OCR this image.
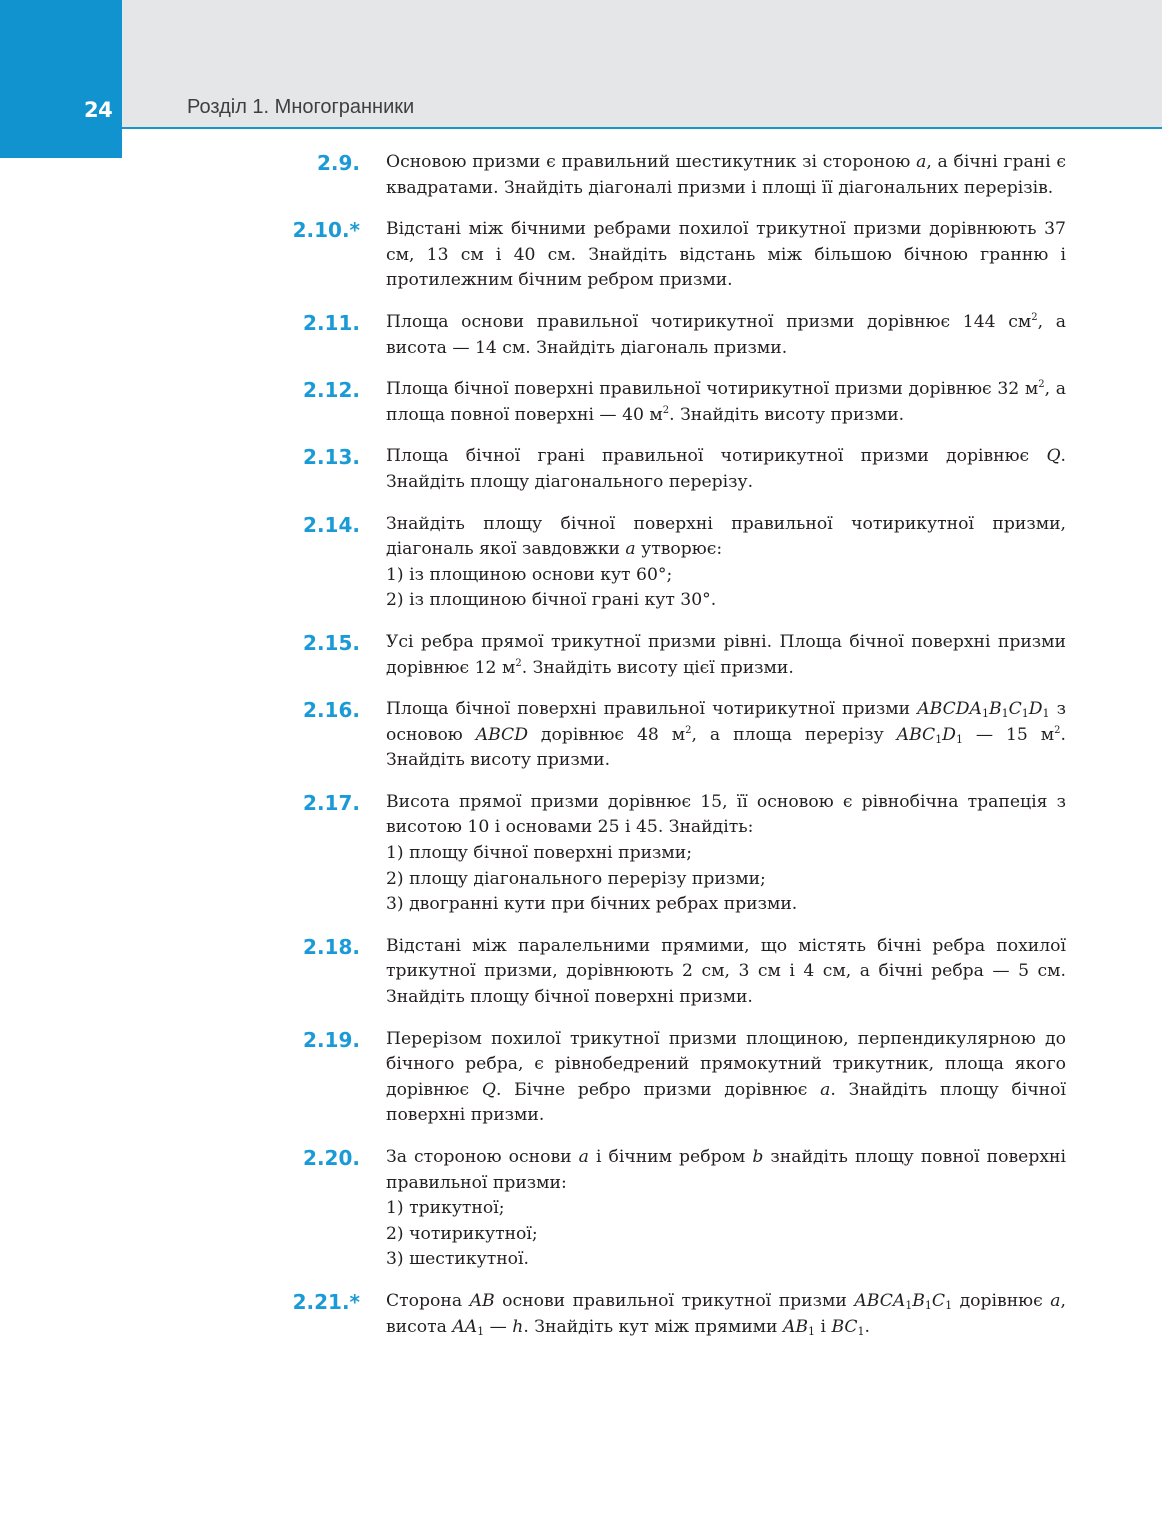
24	Розділ 1. Многогранники
2.9. Основою призми є правильний шестикутник зі стороною a, а бічні грані є квадратами. Знайдіть діагоналі призми і площі її діагональних перерізів.
2.10.* Відстані між бічними ребрами похилої трикутної призми дорівнюють 37 см, 13 см і 40 см. Знайдіть відстань між більшою бічною гранню і протилежним бічним ребром призми.
2.11. Площа основи правильної чотирикутної призми дорівнює 144 $см^2$, а висота — 14 см. Знайдіть діагональ призми.
2.12. Площа бічної поверхні правильної чотирикутної призми дорівнює 32 $м^2$, а площа повної поверхні — 40 $м^2$. Знайдіть висоту призми.
2.13. Площа бічної грані правильної чотирикутної призми дорівнює Q. Знайдіть площу діагонального перерізу.
2.14. Знайдіть площу бічної поверхні правильної чотирикутної призми, діагональ якої завдовжки a утворює:
1) із площиною основи кут 60°;
2) із площиною бічної грані кут 30°.
2.15. Усі ребра прямої трикутної призми рівні. Площа бічної поверхні призми дорівнює 12 $м^2$. Знайдіть висоту цієї призми.
2.16. Площа бічної поверхні правильної чотирикутної призми $ABCDA_1B_1C_1D_1$ з основою ABCD дорівнює 48 $м^2$, а площа перерізу $ABC_1D_1$ — 15 $м^2$. Знайдіть висоту призми.
2.17. Висота прямої призми дорівнює 15, її основою є рівнобічна трапеція з висотою 10 і основами 25 і 45. Знайдіть:
1) площу бічної поверхні призми;
2) площу діагонального перерізу призми;
3) двогранні кути при бічних ребрах призми.
2.18. Відстані між паралельними прямими, що містять бічні ребра похилої трикутної призми, дорівнюють 2 см, 3 см і 4 см, а бічні ребра — 5 см. Знайдіть площу бічної поверхні призми.
2.19. Перерізом похилої трикутної призми площиною, перпендикулярною до бічного ребра, є рівнобедрений прямокутний трикутник, площа якого дорівнює Q. Бічне ребро призми дорівнює a. Знайдіть площу бічної поверхні призми.
2.20. За стороною основи a і бічним ребром b знайдіть площу повної поверхні правильної призми:
1) трикутної;
2) чотирикутної;
3) шестикутної.
2.21.* Сторона AB основи правильної трикутної призми $ABCA_1B_1C_1$ дорівнює a, висота $AA_1$ — h. Знайдіть кут між прямими $AB_1$ і $BC_1$.
